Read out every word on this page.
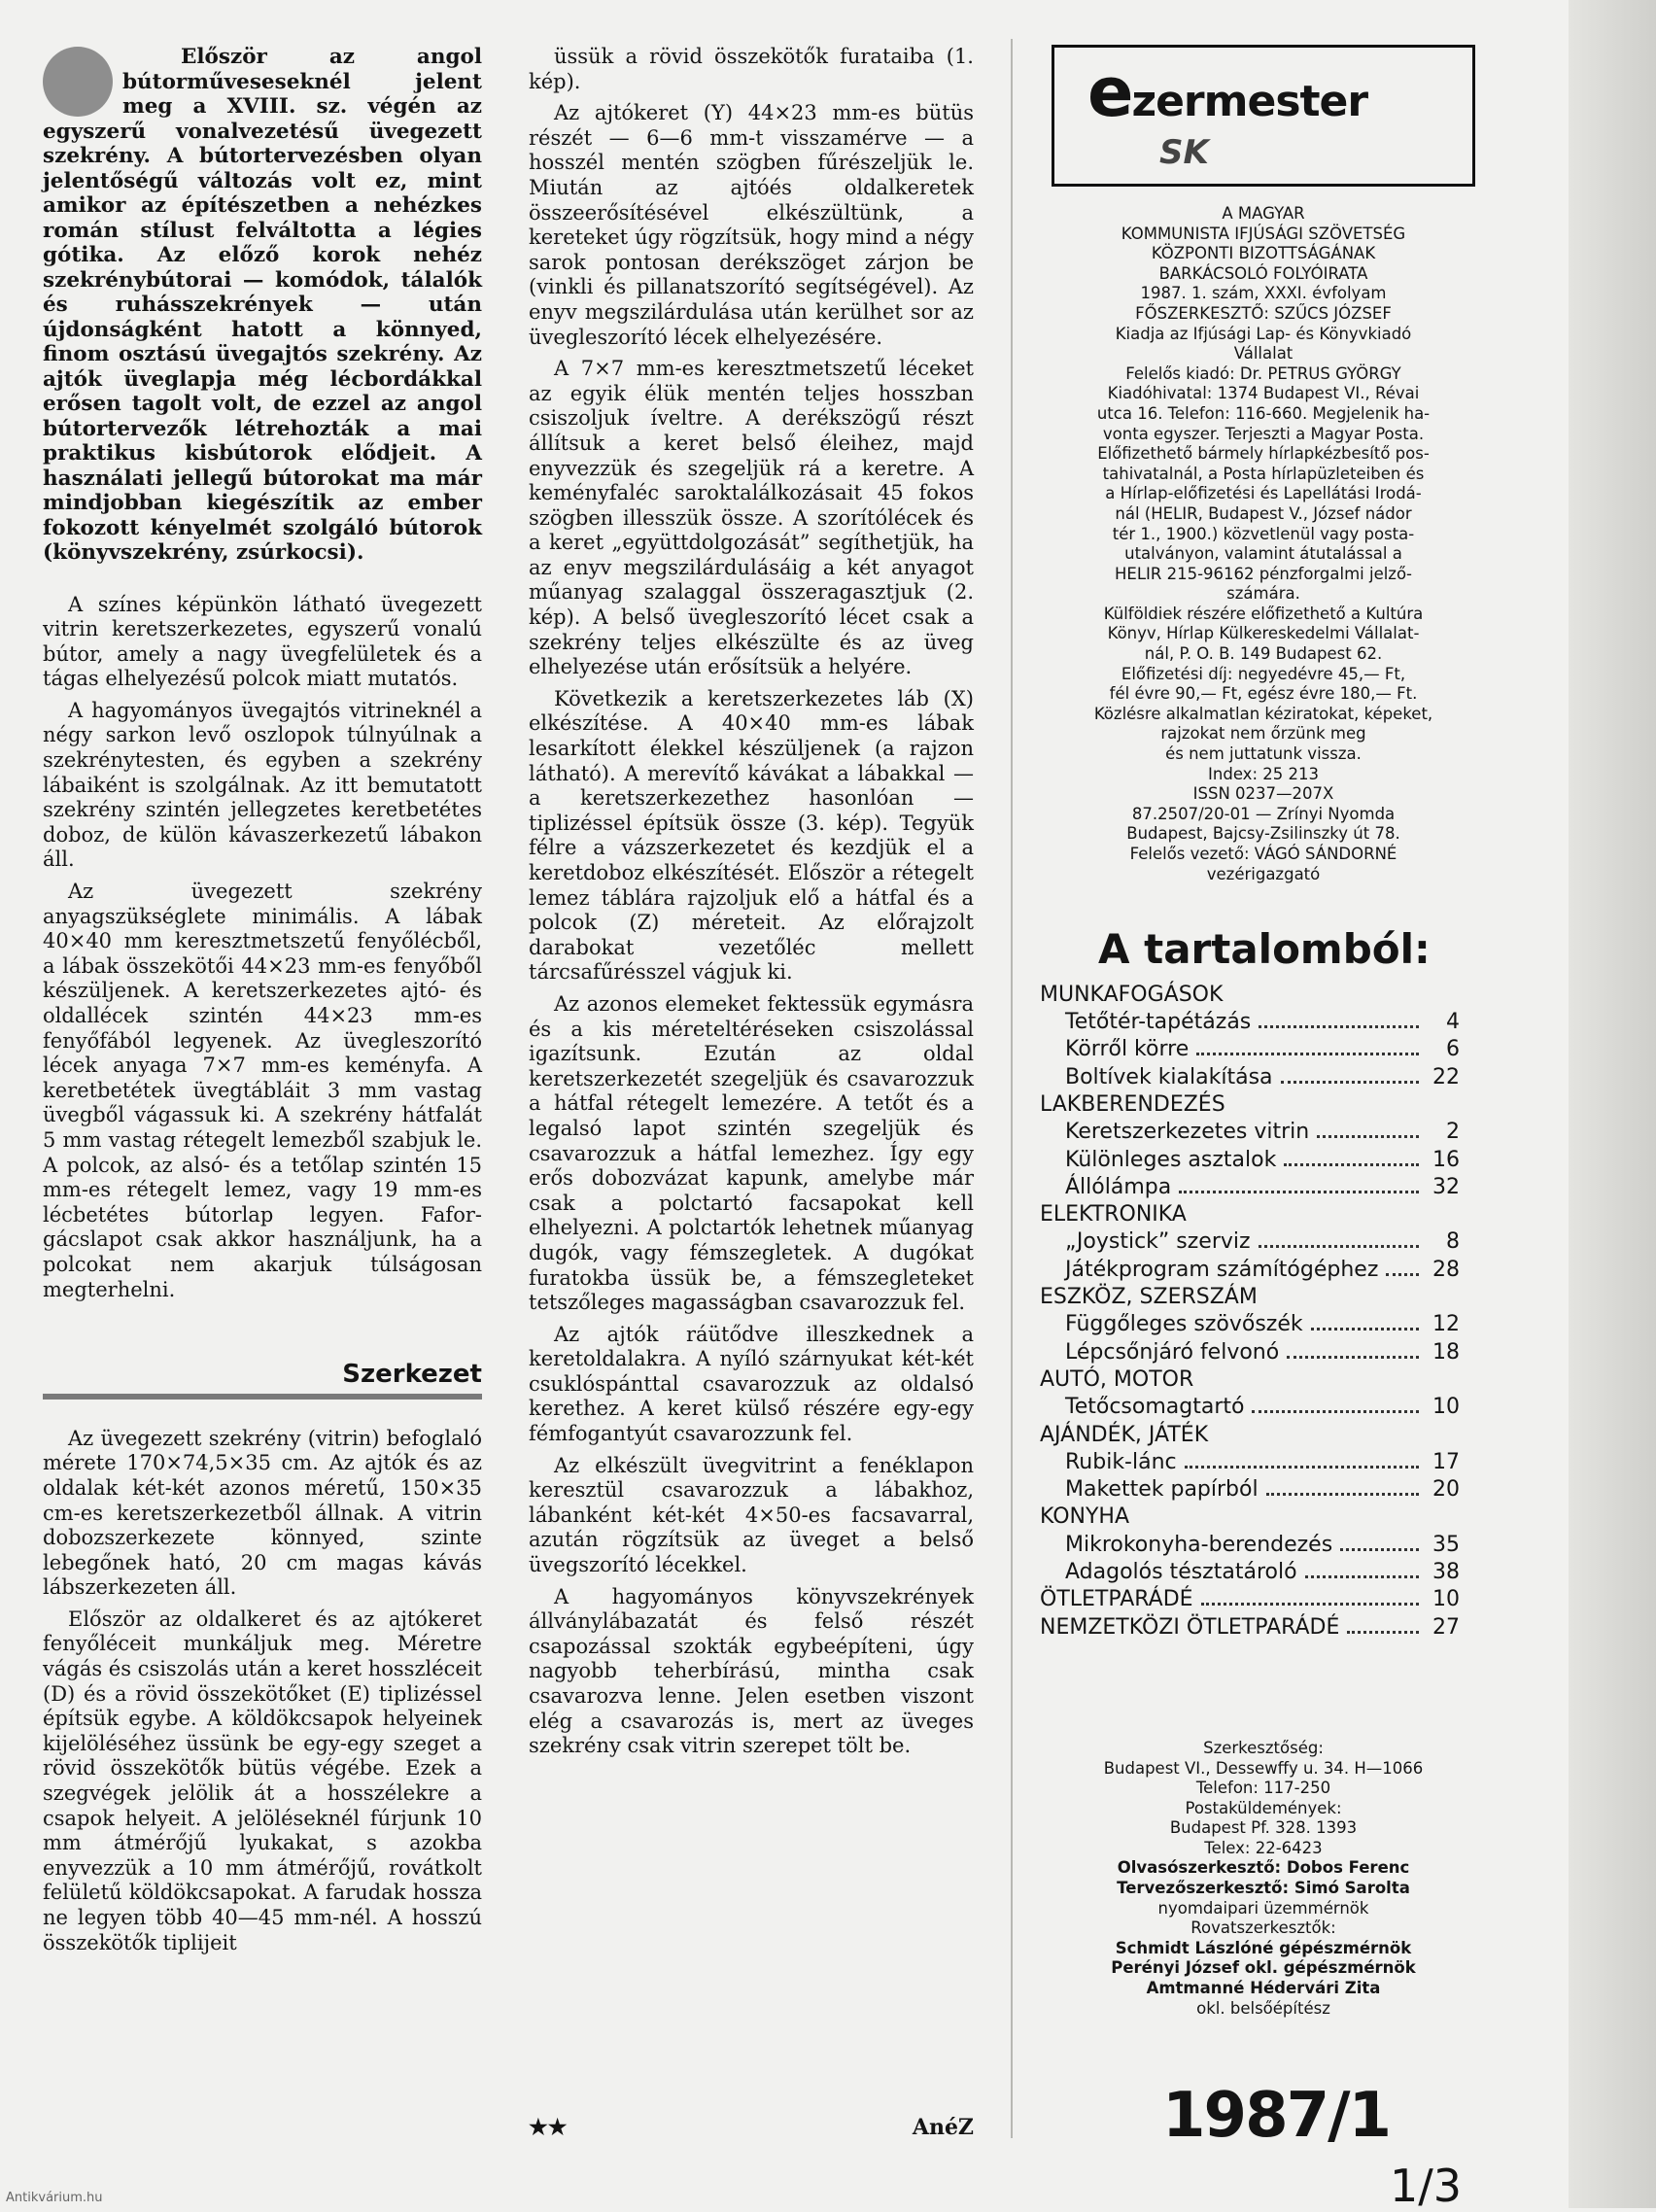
Először az angol bútorműveseseknél jelent meg a XVIII. sz. végén az egyszerű vonalvezetésű üvegezett szekrény. A bútortervezésben olyan jelentőségű változás volt ez, mint amikor az építészetben a nehézkes román stílust felváltotta a légies gótika. Az előző korok nehéz szekrénybútorai — komódok, tálalók és ruhásszekrények — után újdonságként hatott a könnyed, finom osztású üvegajtós szekrény. Az ajtók üveglapja még lécbordákkal erősen tagolt volt, de ezzel az angol bútortervezők létrehozták a mai praktikus kisbútorok elődjeit. A használati jellegű bútorokat ma már mindjobban kiegészítik az ember fokozott kényelmét szolgáló bútorok (könyvszekrény, zsúrkocsi).

A színes képünkön látható üvegezett vitrin keretszerkezetes, egyszerű vonalú bútor, amely a nagy üvegfelületek és a tágas elhelyezésű polcok miatt mutatós.

A hagyományos üvegajtós vitrineknél a négy sarkon levő oszlopok túlnyúlnak a szekrénytesten, és egyben a szekrény lábaiként is szolgálnak. Az itt bemutatott szekrény szintén jellegzetes keretbetétes doboz, de külön kávaszerkezetű lábakon áll.

Az üvegezett szekrény anyagszükséglete minimális. A lábak 40×40 mm keresztmetszetű fenyőlécből, a lábak összekötői 44×23 mm-es fenyőből készüljenek. A keretszerkezetes ajtó- és oldallécek szintén 44×23 mm-es fenyőfából legyenek. Az üvegleszorító lécek anyaga 7×7 mm-es keményfa. A keretbetétek üvegtábláit 3 mm vastag üvegből vágassuk ki. A szekrény hátfalát 5 mm vastag rétegelt lemezből szabjuk le. A polcok, az alsó- és a tetőlap szintén 15 mm-es rétegelt lemez, vagy 19 mm-es lécbetétes bútorlap legyen. Faforgácslapot csak akkor használjunk, ha a polcokat nem akarjuk túlságosan megterhelni.

Szerkezet

Az üvegezett szekrény (vitrin) befoglaló mérete 170×74,5×35 cm. Az ajtók és az oldalak két-két azonos méretű, 150×35 cm-es keretszerkezetből állnak. A vitrin dobozszerkezete könnyed, szinte lebegőnek ható, 20 cm magas kávás lábszerkezeten áll.

Először az oldalkeret és az ajtókeret fenyőléceit munkáljuk meg. Méretre vágás és csiszolás után a keret hosszléceit (D) és a rövid összekötőket (E) tiplizéssel építsük egybe. A köldökcsapok helyeinek kijelöléséhez üssünk be egy-egy szeget a rövid összekötők bütüs végébe. Ezek a szegvégek jelölik át a hosszélekre a csapok helyeit. A jelöléseknél fúrjunk 10 mm átmérőjű lyukakat, s azokba enyvezzük a 10 mm átmérőjű, rovátkolt felületű köldökcsapokat. A farudak hossza ne legyen több 40—45 mm-nél. A hosszú összekötők tiplijeit

üssük a rövid összekötők furataiba (1. kép).

Az ajtókeret (Y) 44×23 mm-es bütüs részét — 6—6 mm-t visszamérve — a hosszél mentén szögben fűrészeljük le. Miután az ajtóés oldalkeretek összeerősítésével elkészültünk, a kereteket úgy rögzítsük, hogy mind a négy sarok pontosan derékszöget zárjon be (vinkli és pillanatszorító segítségével). Az enyv megszilárdulása után kerülhet sor az üvegleszorító lécek elhelyezésére.

A 7×7 mm-es keresztmetszetű léceket az egyik élük mentén teljes hosszban csiszoljuk íveltre. A derékszögű részt állítsuk a keret belső éleihez, majd enyvezzük és szegeljük rá a keretre. A keményfaléc saroktalálkozásait 45 fokos szögben illesszük össze. A szorítólécek és a keret „együttdolgozását” segíthetjük, ha az enyv megszilárdulásáig a két anyagot műanyag szalaggal összeragasztjuk (2. kép). A belső üvegleszorító lécet csak a szekrény teljes elkészülte és az üveg elhelyezése után erősítsük a helyére.

Következik a keretszerkezetes láb (X) elkészítése. A 40×40 mm-es lábak lesarkított élekkel készüljenek (a rajzon látható). A merevítő kávákat a lábakkal — a keretszerkezethez hasonlóan — tiplizéssel építsük össze (3. kép). Tegyük félre a vázszerkezetet és kezdjük el a keretdoboz elkészítését. Először a rétegelt lemez táblára rajzoljuk elő a hátfal és a polcok (Z) méreteit. Az előrajzolt darabokat vezetőléc mellett tárcsafűrésszel vágjuk ki.

Az azonos elemeket fektessük egymásra és a kis méreteltéréseken csiszolással igazítsunk. Ezután az oldal keretszerkezetét szegeljük és csavarozzuk a hátfal rétegelt lemezére. A tetőt és a legalsó lapot szintén szegeljük és csavarozzuk a hátfal lemezhez. Így egy erős dobozvázat kapunk, amelybe már csak a polctartó facsapokat kell elhelyezni. A polctartók lehetnek műanyag dugók, vagy fémszegletek. A dugókat furatokba üssük be, a fémszegleteket tetszőleges magasságban csavarozzuk fel.

Az ajtók ráütődve illeszkednek a keretoldalakra. A nyíló szárnyukat két-két csuklóspánttal csavarozzuk az oldalsó kerethez. A keret külső részére egy-egy fémfogantyút csavarozzunk fel.

Az elkészült üvegvitrint a fenéklapon keresztül csavarozzuk a lábakhoz, lábanként két-két 4×50-es facsavarral, azután rögzítsük az üveget a belső üvegszorító lécekkel.

A hagyományos könyvszekrények állványlábazatát és felső részét csapozással szokták egybeépíteni, úgy nagyobb teherbírású, mintha csak csavarozva lenne. Jelen esetben viszont elég a csavarozás is, mert az üveges szekrény csak vitrin szerepet tölt be.

★★	AnéZ
ezermester
SK
A MAGYAR
KOMMUNISTA IFJÚSÁGI SZÖVETSÉG
KÖZPONTI BIZOTTSÁGÁNAK
BARKÁCSOLÓ FOLYÓIRATA
1987. 1. szám, XXXI. évfolyam
FŐSZERKESZTŐ: SZŰCS JÓZSEF
Kiadja az Ifjúsági Lap- és Könyvkiadó
Vállalat
Felelős kiadó: Dr. PETRUS GYÖRGY
Kiadóhivatal: 1374 Budapest VI., Révai
utca 16. Telefon: 116-660. Megjelenik ha-
vonta egyszer. Terjeszti a Magyar Posta.
Előfizethető bármely hírlapkézbesítő pos-
tahivatalnál, a Posta hírlapüzleteiben és
a Hírlap-előfizetési és Lapellátási Irodá-
nál (HELIR, Budapest V., József nádor
tér 1., 1900.) közvetlenül vagy posta-
utalványon, valamint átutalással a
HELIR 215-96162 pénzforgalmi jelző-
számára.
Külföldiek részére előfizethető a Kultúra
Könyv, Hírlap Külkereskedelmi Vállalat-
nál, P. O. B. 149 Budapest 62.
Előfizetési díj: negyedévre 45,— Ft,
fél évre 90,— Ft, egész évre 180,— Ft.
Közlésre alkalmatlan kéziratokat, képeket,
rajzokat nem őrzünk meg
és nem juttatunk vissza.
Index: 25 213
ISSN 0237—207X
87.2507/20-01 — Zrínyi Nyomda
Budapest, Bajcsy-Zsilinszky út 78.
Felelős vezető: VÁGÓ SÁNDORNÉ
vezérigazgató
A tartalomból:
MUNKAFOGÁSOK
Tetőtér-tapétázás	4
Körről körre	6
Boltívek kialakítása	22
LAKBERENDEZÉS
Keretszerkezetes vitrin	2
Különleges asztalok	16
Állólámpa	32
ELEKTRONIKA
„Joystick” szerviz	8
Játékprogram számítógéphez	28
ESZKÖZ, SZERSZÁM
Függőleges szövőszék	12
Lépcsőnjáró felvonó	18
AUTÓ, MOTOR
Tetőcsomagtartó	10
AJÁNDÉK, JÁTÉK
Rubik-lánc	17
Makettek papírból	20
KONYHA
Mikrokonyha-berendezés	35
Adagolós tésztatároló	38
ÖTLETPARÁDÉ	10
NEMZETKÖZI ÖTLETPARÁDÉ	27
Szerkesztőség:
Budapest VI., Dessewffy u. 34. H—1066
Telefon: 117-250
Postaküldemények:
Budapest Pf. 328. 1393
Telex: 22-6423
Olvasószerkesztő: Dobos Ferenc
Tervezőszerkesztő: Simó Sarolta
nyomdaipari üzemmérnök
Rovatszerkesztők:
Schmidt Lászlóné gépészmérnök
Perényi József okl. gépészmérnök
Amtmanné Hédervári Zita
okl. belsőépítész
1987/1
1/3
Antikvárium.hu
